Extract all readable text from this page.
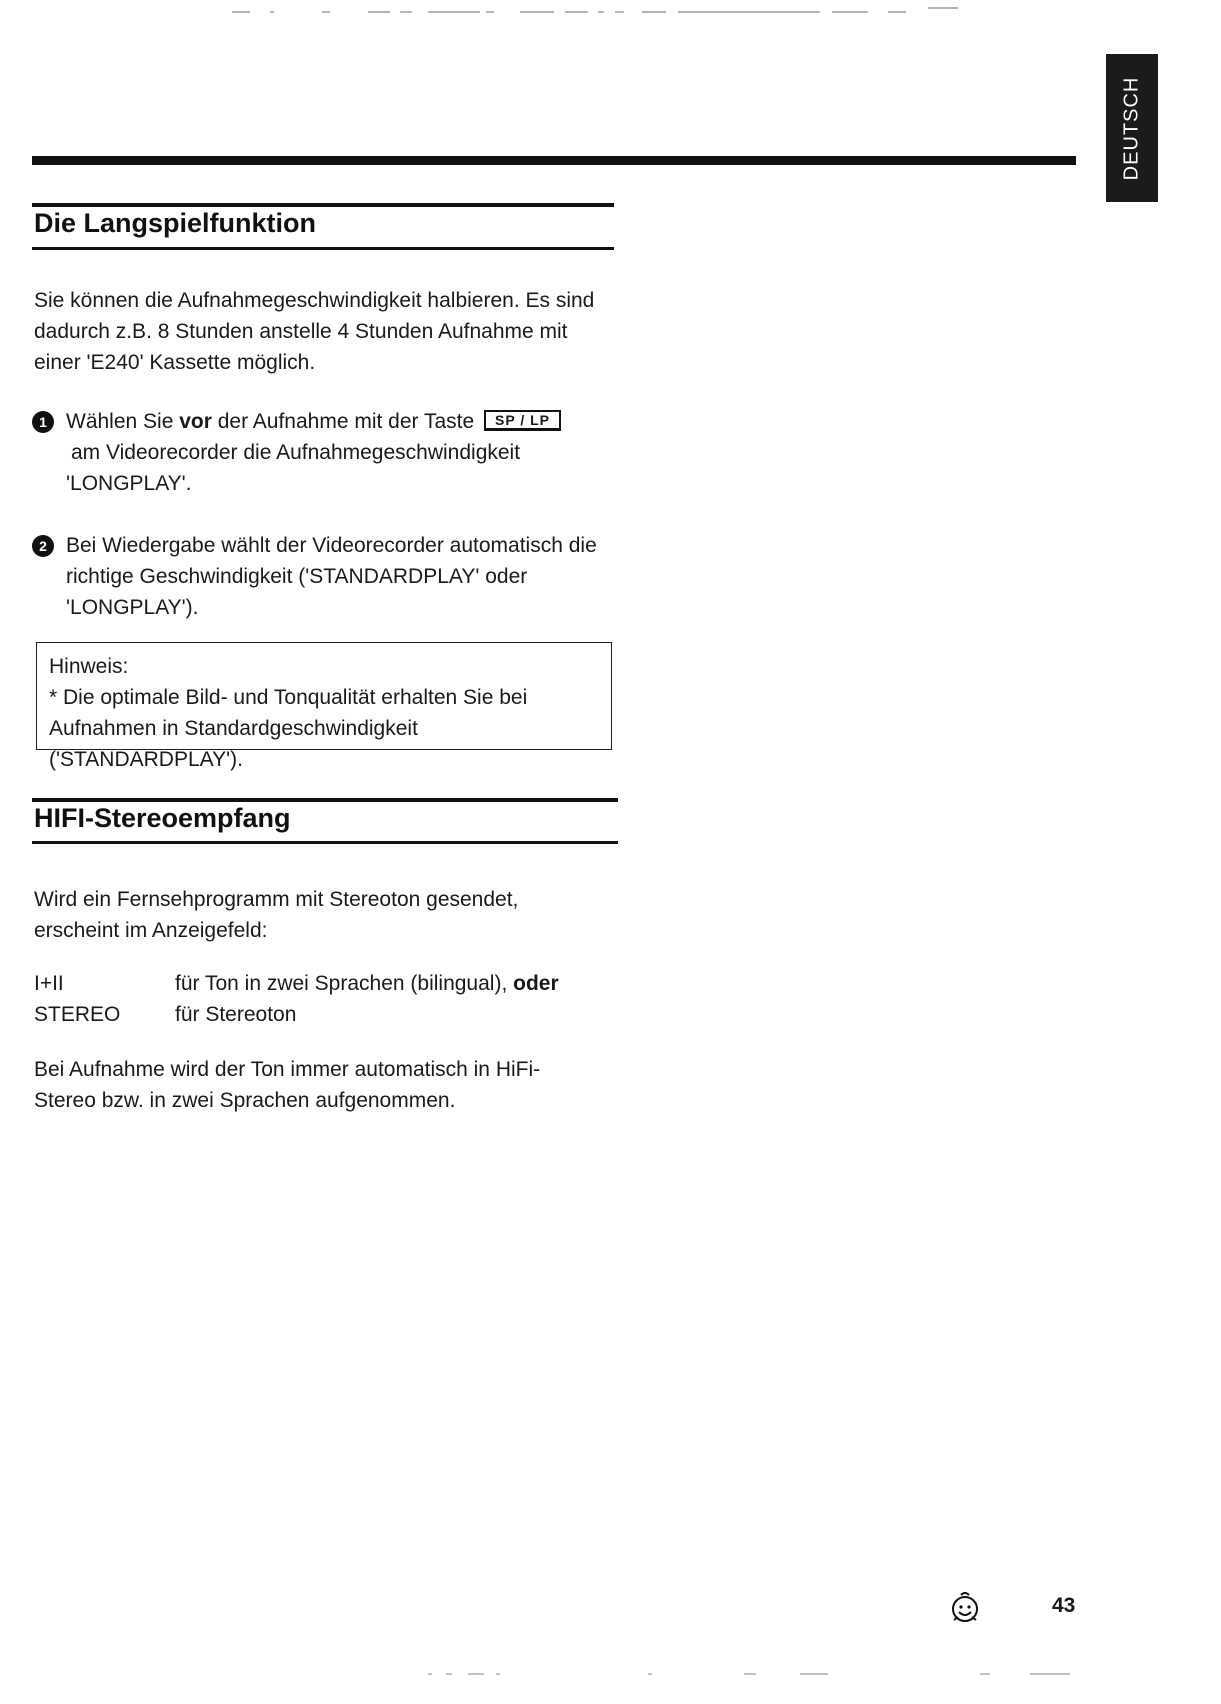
DEUTSCH
Die Langspielfunktion

Sie können die Aufnahmegeschwindigkeit halbieren. Es sind dadurch z.B. 8 Stunden anstelle 4 Stunden Aufnahme mit einer 'E240' Kassette möglich.

1 Wählen Sie vor der Aufnahme mit der Taste SP / LP
am Videorecorder die Aufnahmegeschwindigkeit 'LONGPLAY'.
2 Bei Wiedergabe wählt der Videorecorder automatisch die richtige Geschwindigkeit ('STANDARDPLAY' oder 'LONGPLAY').

Hinweis:

* Die optimale Bild- und Tonqualität erhalten Sie bei Aufnahmen in Standardgeschwindigkeit ('STANDARDPLAY').

HIFI-Stereoempfang

Wird ein Fernsehprogramm mit Stereoton gesendet, erscheint im Anzeigefeld:

I+II	für Ton in zwei Sprachen (bilingual), oder
STEREO	für Stereoton

Bei Aufnahme wird der Ton immer automatisch in HiFi-Stereo bzw. in zwei Sprachen aufgenommen.

43
